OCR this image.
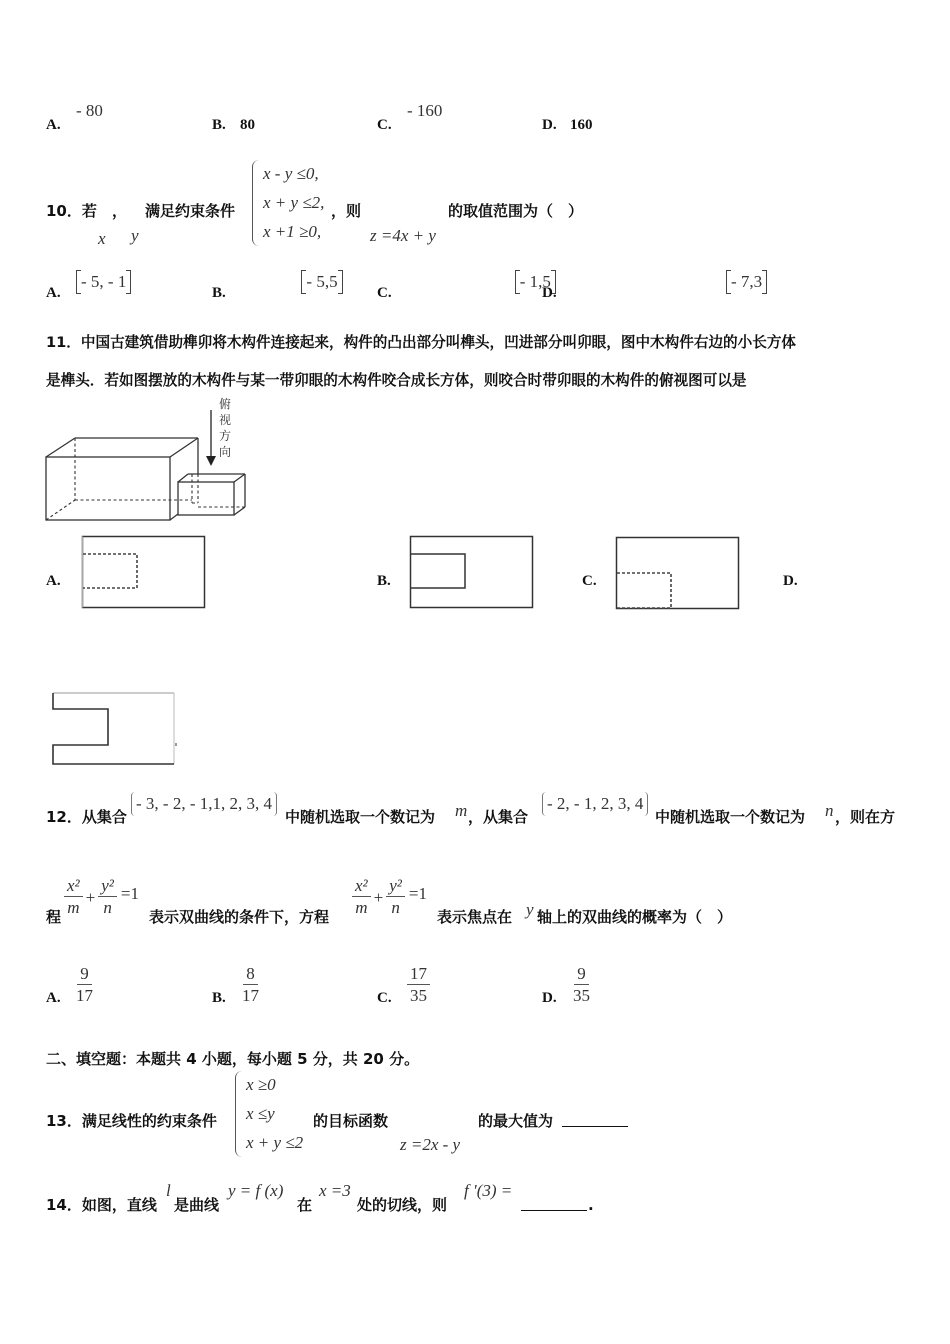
A.
- 80
B. 80	C.
- 160
D. 160
10．若 ，
x y
满足约束条件
x - y ≤0,
x + y ≤2,
x +1 ≥0,
，则
z =4x + y
的取值范围为（　）
A.
- 5, - 1
B.
- 5,5
C.
- 1,5
D.
- 7,3
11．中国古建筑借助榫卯将木构件连接起来，构件的凸出部分叫榫头，凹进部分叫卯眼，图中木构件右边的小长方体
是榫头．若如图摆放的木构件与某一带卯眼的木构件咬合成长方体，则咬合时带卯眼的木构件的俯视图可以是
俯
视
方
向
A.	B.	C.	D.
12．从集合
- 3, - 2, - 1,1, 2, 3, 4
中随机选取一个数记为 m ，从集合
- 2, - 1, 2, 3, 4
中随机选取一个数记为 n ，则在方
程 $\frac{\text{x²}}{m} + \frac{\text{y²}}{n} =1$
表示双曲线的条件下，方程 $\frac{\text{x²}}{m} + \frac{\text{y²}}{n} =1$
表示焦点在 y 轴上的双曲线的概率为（　）
A. $\frac{9}{17}$	B. $\frac{8}{17}$	C. $\frac{17}{35}$	D. $\frac{9}{35}$
二、填空题：本题共 4 小题，每小题 5 分，共 20 分。
13．满足线性的约束条件
x ≥0
x ≤y
x + y ≤2
的目标函数
z =2x - y
的最大值为
14．如图，直线
l
是曲线
y = f (x)
在
x =3
处的切线，则
f ′(3) =
.
